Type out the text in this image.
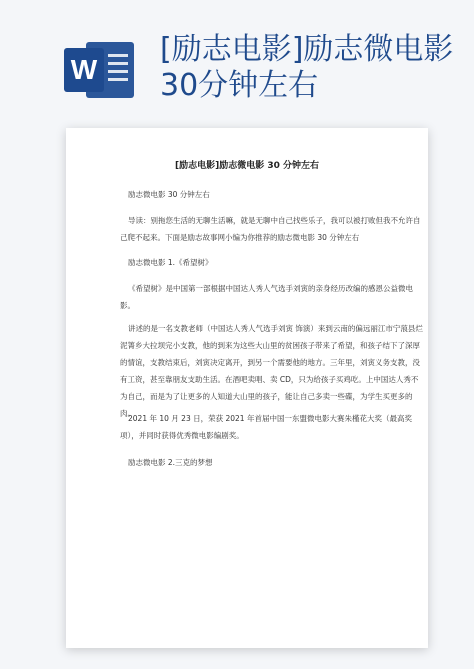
W
[励志电影]励志微电影30分钟左右
[励志电影]励志微电影 30 分钟左右

励志微电影 30 分钟左右

导读：别拖您生活的无聊生活嘛，就是无聊中自己找些乐子，我可以被打败但我不允许自己爬不起来。下面是励志故事网小编为你推荐的励志微电影 30 分钟左右

励志微电影 1.《希望树》

《希望树》是中国第一部根据中国达人秀人气选手刘寅的亲身经历改编的感恩公益微电影。

讲述的是一名支教老师（中国达人秀人气选手刘寅 饰演）来到云南的偏远丽江市宁蒗县烂泥箐乡大拉坝完小支教，他的到来为这些大山里的贫困孩子带来了希望，和孩子结下了深厚的情谊，支教结束后，刘寅决定离开，到另一个需要他的地方。三年里，刘寅义务支教，没有工资，甚至靠朋友支助生活。在酒吧卖唱、卖 CD，只为给孩子买鸡吃。上中国达人秀不为自己，而是为了让更多的人知道大山里的孩子，能让自己多卖一些碟，为学生买更多的肉。

2021 年 10 月 23 日，荣获 2021 年首届中国一东盟微电影大赛朱槿花大奖（最高奖项），并同时获得优秀微电影编剧奖。

励志微电影 2.三克的梦想
